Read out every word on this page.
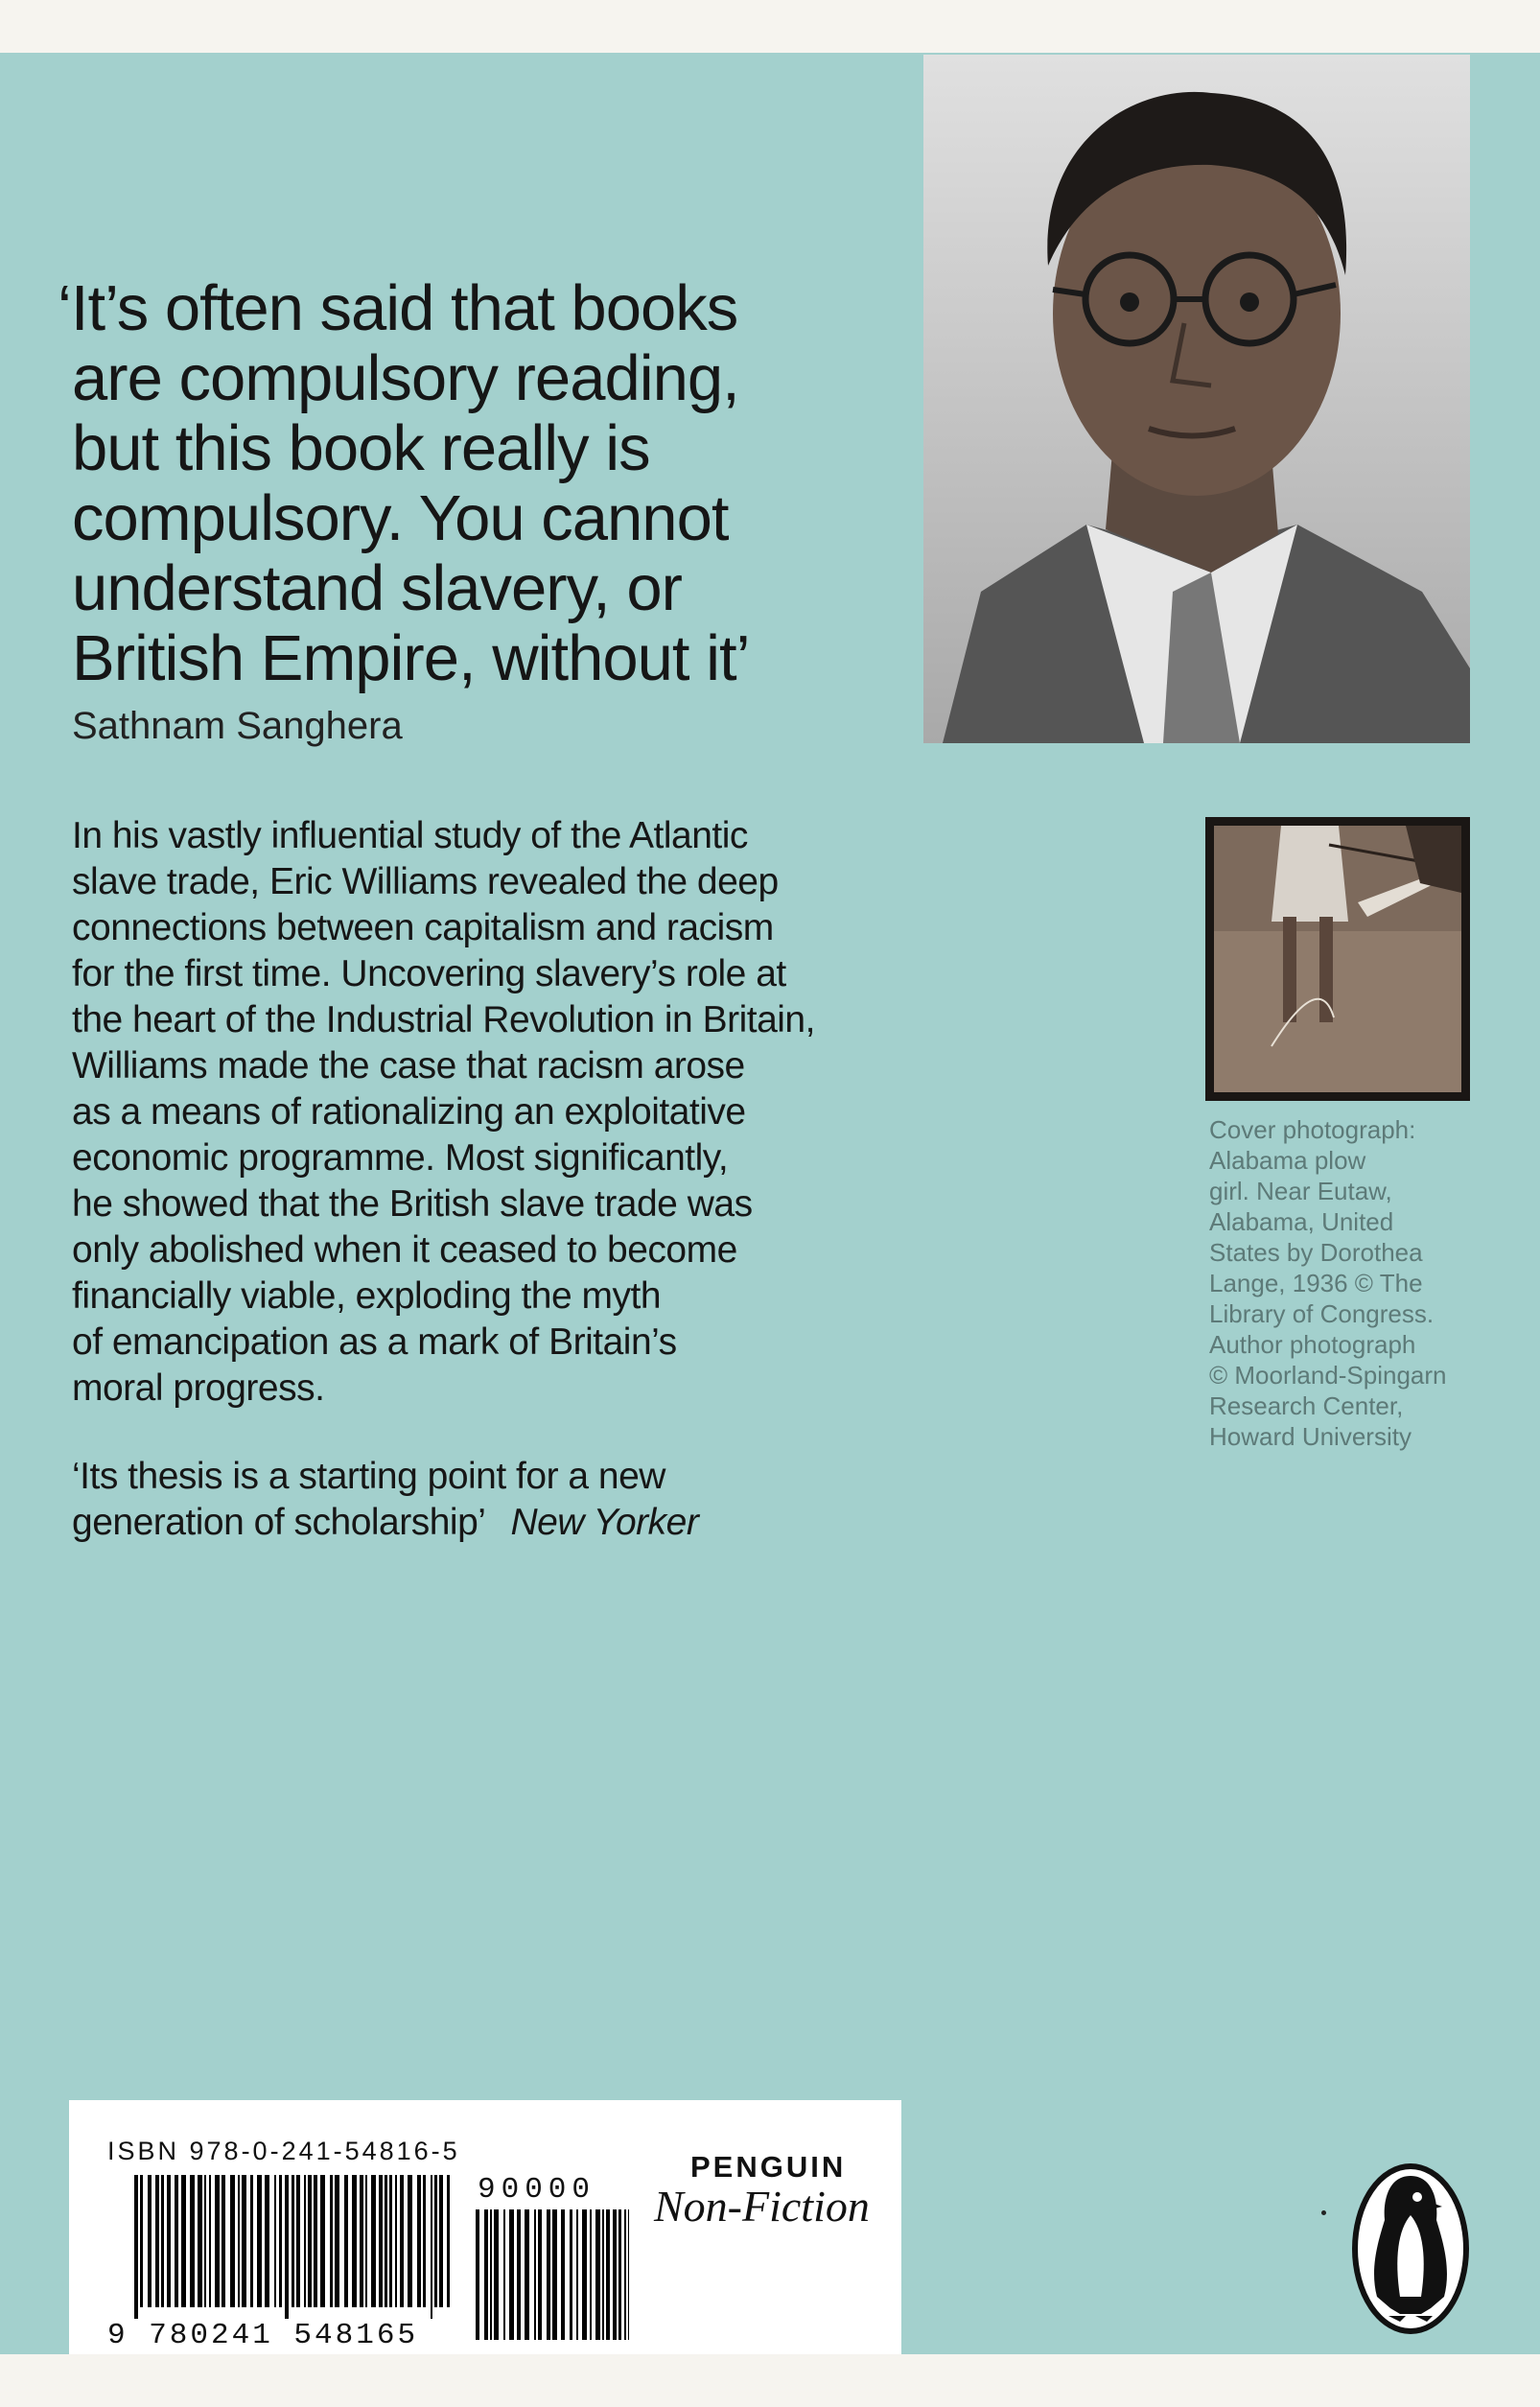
‘It’s often said that books
are compulsory reading,
but this book really is
compulsory. You cannot
understand slavery, or
British Empire, without it’
Sathnam Sanghera
In his vastly influential study of the Atlantic
slave trade, Eric Williams revealed the deep
connections between capitalism and racism
for the first time. Uncovering slavery’s role at
the heart of the Industrial Revolution in Britain,
Williams made the case that racism arose
as a means of rationalizing an exploitative
economic programme. Most significantly,
he showed that the British slave trade was
only abolished when it ceased to become
financially viable, exploding the myth
of emancipation as a mark of Britain’s
moral progress.
‘Its thesis is a starting point for a new
generation of scholarship’ New Yorker
Cover photograph:
Alabama plow
girl. Near Eutaw,
Alabama, United
States by Dorothea
Lange, 1936 © The
Library of Congress.
Author photograph
© Moorland-Spingarn
Research Center,
Howard University
ISBN 978-0-241-54816-5
9 780241 548165
90000
PENGUIN
Non-Fiction
